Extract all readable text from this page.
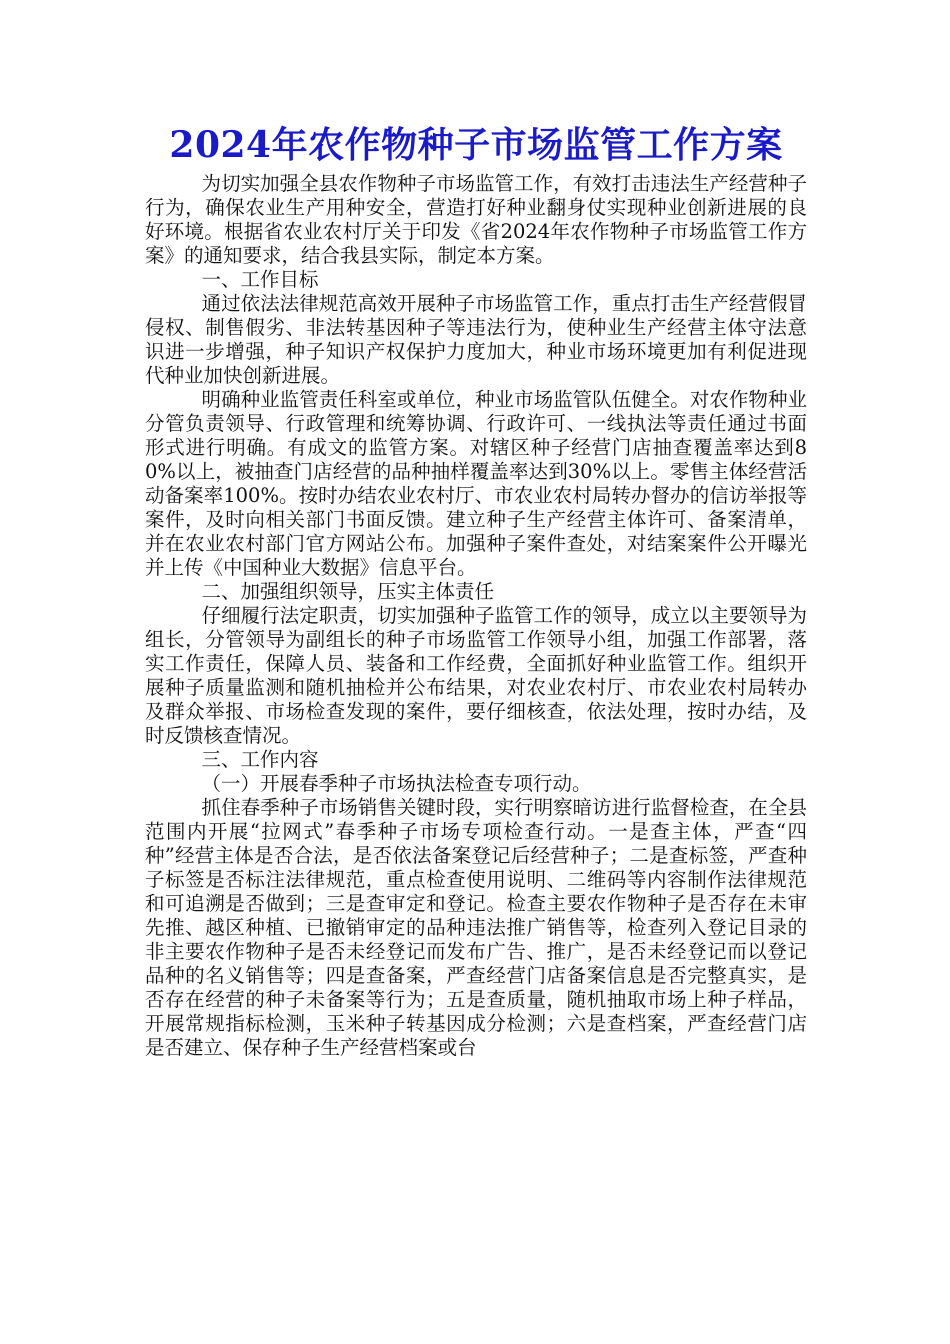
2024年农作物种子市场监管工作方案

为切实加强全县农作物种子市场监管工作，有效打击违法生产经营种子行为，确保农业生产用种安全，营造打好种业翻身仗实现种业创新进展的良好环境。根据省农业农村厅关于印发《省2024年农作物种子市场监管工作方案》的通知要求，结合我县实际，制定本方案。

一、工作目标

通过依法法律规范高效开展种子市场监管工作，重点打击生产经营假冒侵权、制售假劣、非法转基因种子等违法行为，使种业生产经营主体守法意识进一步增强，种子知识产权保护力度加大，种业市场环境更加有利促进现代种业加快创新进展。

明确种业监管责任科室或单位，种业市场监管队伍健全。对农作物种业分管负责领导、行政管理和统筹协调、行政许可、一线执法等责任通过书面形式进行明确。有成文的监管方案。对辖区种子经营门店抽查覆盖率达到80%以上，被抽查门店经营的品种抽样覆盖率达到30%以上。零售主体经营活动备案率100%。按时办结农业农村厅、市农业农村局转办督办的信访举报等案件，及时向相关部门书面反馈。建立种子生产经营主体许可、备案清单，并在农业农村部门官方网站公布。加强种子案件查处，对结案案件公开曝光并上传《中国种业大数据》信息平台。

二、加强组织领导，压实主体责任

仔细履行法定职责，切实加强种子监管工作的领导，成立以主要领导为组长，分管领导为副组长的种子市场监管工作领导小组，加强工作部署，落实工作责任，保障人员、装备和工作经费，全面抓好种业监管工作。组织开展种子质量监测和随机抽检并公布结果，对农业农村厅、市农业农村局转办及群众举报、市场检查发现的案件，要仔细核查，依法处理，按时办结，及时反馈核查情况。

三、工作内容

（一）开展春季种子市场执法检查专项行动。

抓住春季种子市场销售关键时段，实行明察暗访进行监督检查，在全县范围内开展“拉网式”春季种子市场专项检查行动。一是查主体，严查“四种”经营主体是否合法，是否依法备案登记后经营种子；二是查标签，严查种子标签是否标注法律规范，重点检查使用说明、二维码等内容制作法律规范和可追溯是否做到；三是查审定和登记。检查主要农作物种子是否存在未审先推、越区种植、已撤销审定的品种违法推广销售等，检查列入登记目录的非主要农作物种子是否未经登记而发布广告、推广，是否未经登记而以登记品种的名义销售等；四是查备案，严查经营门店备案信息是否完整真实，是否存在经营的种子未备案等行为；五是查质量，随机抽取市场上种子样品，开展常规指标检测，玉米种子转基因成分检测；六是查档案，严查经营门店是否建立、保存种子生产经营档案或台
